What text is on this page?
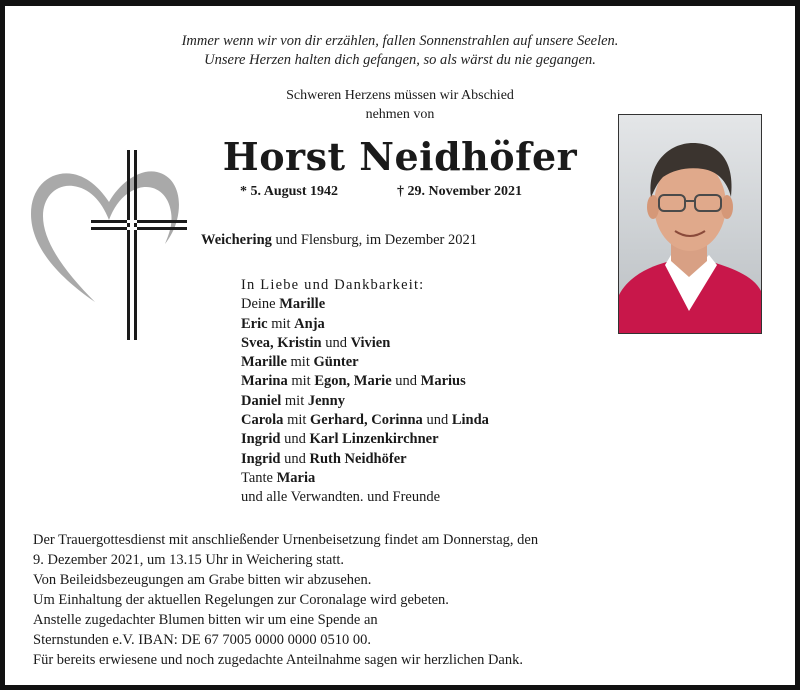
Immer wenn wir von dir erzählen, fallen Sonnenstrahlen auf unsere Seelen.
Unsere Herzen halten dich gefangen, so als wärst du nie gegangen.
Schweren Herzens müssen wir Abschied
nehmen von
Horst Neidhöfer
* 5. August 1942	† 29. November 2021
Weichering und Flensburg, im Dezember 2021
In Liebe und Dankbarkeit:
Deine Marille
Eric mit Anja
Svea, Kristin und Vivien
Marille mit Günter
Marina mit Egon, Marie und Marius
Daniel mit Jenny
Carola mit Gerhard, Corinna und Linda
Ingrid und Karl Linzenkirchner
Ingrid und Ruth Neidhöfer
Tante Maria
und alle Verwandten. und Freunde
Der Trauergottesdienst mit anschließender Urnenbeisetzung findet am Donnerstag, den
9. Dezember 2021, um 13.15 Uhr in Weichering statt.
Von Beileidsbezeugungen am Grabe bitten wir abzusehen.
Um Einhaltung der aktuellen Regelungen zur Coronalage wird gebeten.
Anstelle zugedachter Blumen bitten wir um eine Spende an
Sternstunden e.V. IBAN: DE 67 7005 0000 0000 0510 00.
Für bereits erwiesene und noch zugedachte Anteilnahme sagen wir herzlichen Dank.
